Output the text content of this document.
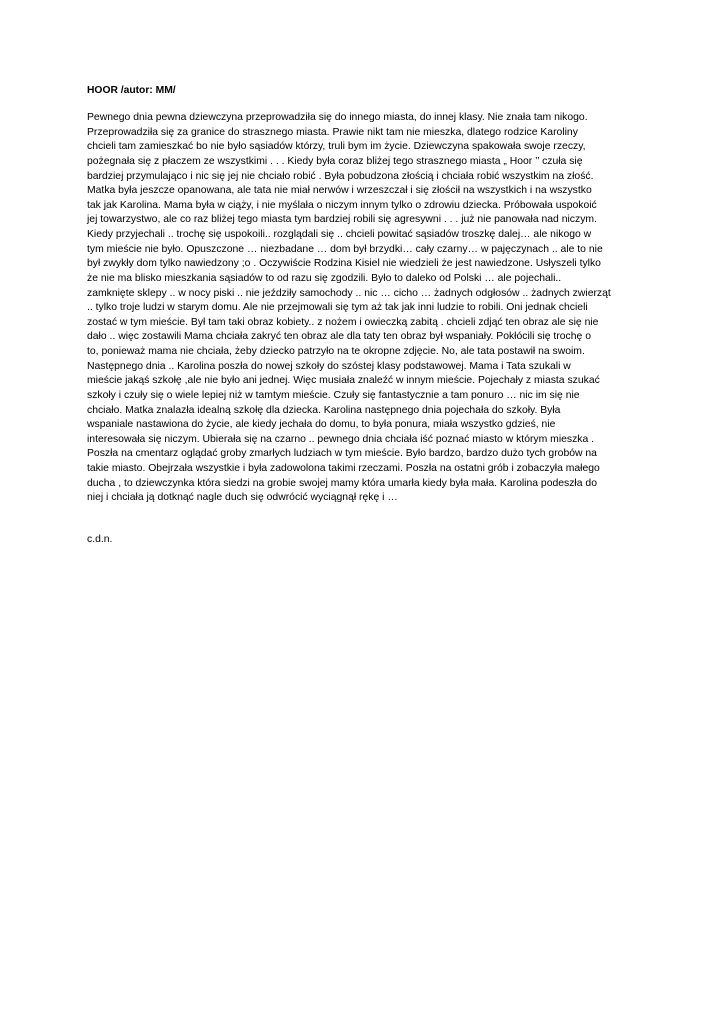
HOOR /autor: MM/

Pewnego dnia pewna dziewczyna przeprowadziła się do innego miasta, do innej klasy. Nie znała tam nikogo.
Przeprowadziła się za granice do strasznego miasta. Prawie nikt tam nie mieszka, dlatego rodzice Karoliny
chcieli tam zamieszkać bo nie było sąsiadów którzy, truli bym im życie. Dziewczyna spakowała swoje rzeczy,
pożegnała się z płaczem ze wszystkimi . . . Kiedy była coraz bliżej tego strasznego miasta „ Hoor ’’ czuła się
bardziej przymulająco i nic się jej nie chciało robić . Była pobudzona złością i chciała robić wszystkim na złość.
Matka była jeszcze opanowana, ale tata nie miał nerwów i wrzeszczał i się złościł na wszystkich i na wszystko
tak jak Karolina. Mama była w ciąży, i nie myślała o niczym innym tylko o zdrowiu dziecka. Próbowała uspokoić
jej towarzystwo, ale co raz bliżej tego miasta tym bardziej robili się agresywni . . . już nie panowała nad niczym.
Kiedy przyjechali .. trochę się uspokoili.. rozglądali się .. chcieli powitać sąsiadów troszkę dalej… ale nikogo w
tym mieście nie było. Opuszczone … niezbadane … dom był brzydki… cały czarny… w pajęczynach .. ale to nie
był zwykły dom tylko nawiedzony ;o . Oczywiście Rodzina Kisiel nie wiedzieli że jest nawiedzone. Usłyszeli tylko
że nie ma blisko mieszkania sąsiadów to od razu się zgodzili. Było to daleko od Polski … ale pojechali..
zamknięte sklepy .. w nocy piski .. nie jeździły samochody .. nic … cicho … żadnych odgłosów .. żadnych zwierząt
.. tylko troje ludzi w starym domu. Ale nie przejmowali się tym aż tak jak inni ludzie to robili. Oni jednak chcieli
zostać w tym mieście. Był tam taki obraz kobiety.. z nożem i owieczką zabitą . chcieli zdjąć ten obraz ale się nie
dało .. więc zostawili Mama chciała zakryć ten obraz ale dla taty ten obraz był wspaniały. Pokłócili się trochę o
to, ponieważ mama nie chciała, żeby dziecko patrzyło na te okropne zdjęcie. No, ale tata postawił na swoim.
Następnego dnia .. Karolina poszła do nowej szkoły do szóstej klasy podstawowej. Mama i Tata szukali w
mieście jakąś szkołę ,ale nie było ani jednej. Więc musiała znaleźć w innym mieście. Pojechały z miasta szukać
szkoły i czuły się o wiele lepiej niż w tamtym mieście. Czuły się fantastycznie a tam ponuro … nic im się nie
chciało. Matka znalazła idealną szkołę dla dziecka. Karolina następnego dnia pojechała do szkoły. Była
wspaniale nastawiona do życie, ale kiedy jechała do domu, to była ponura, miała wszystko gdzieś, nie
interesowała się niczym. Ubierała się na czarno .. pewnego dnia chciała iść poznać miasto w którym mieszka .
Poszła na cmentarz oglądać groby zmarłych ludziach w tym mieście. Było bardzo, bardzo dużo tych grobów na
takie miasto. Obejrzała wszystkie i była zadowolona takimi rzeczami. Poszła na ostatni grób i zobaczyła małego
ducha , to dziewczynka która siedzi na grobie swojej mamy która umarła kiedy była mała. Karolina podeszła do
niej i chciała ją dotknąć nagle duch się odwrócić wyciągnął rękę i …

c.d.n.
